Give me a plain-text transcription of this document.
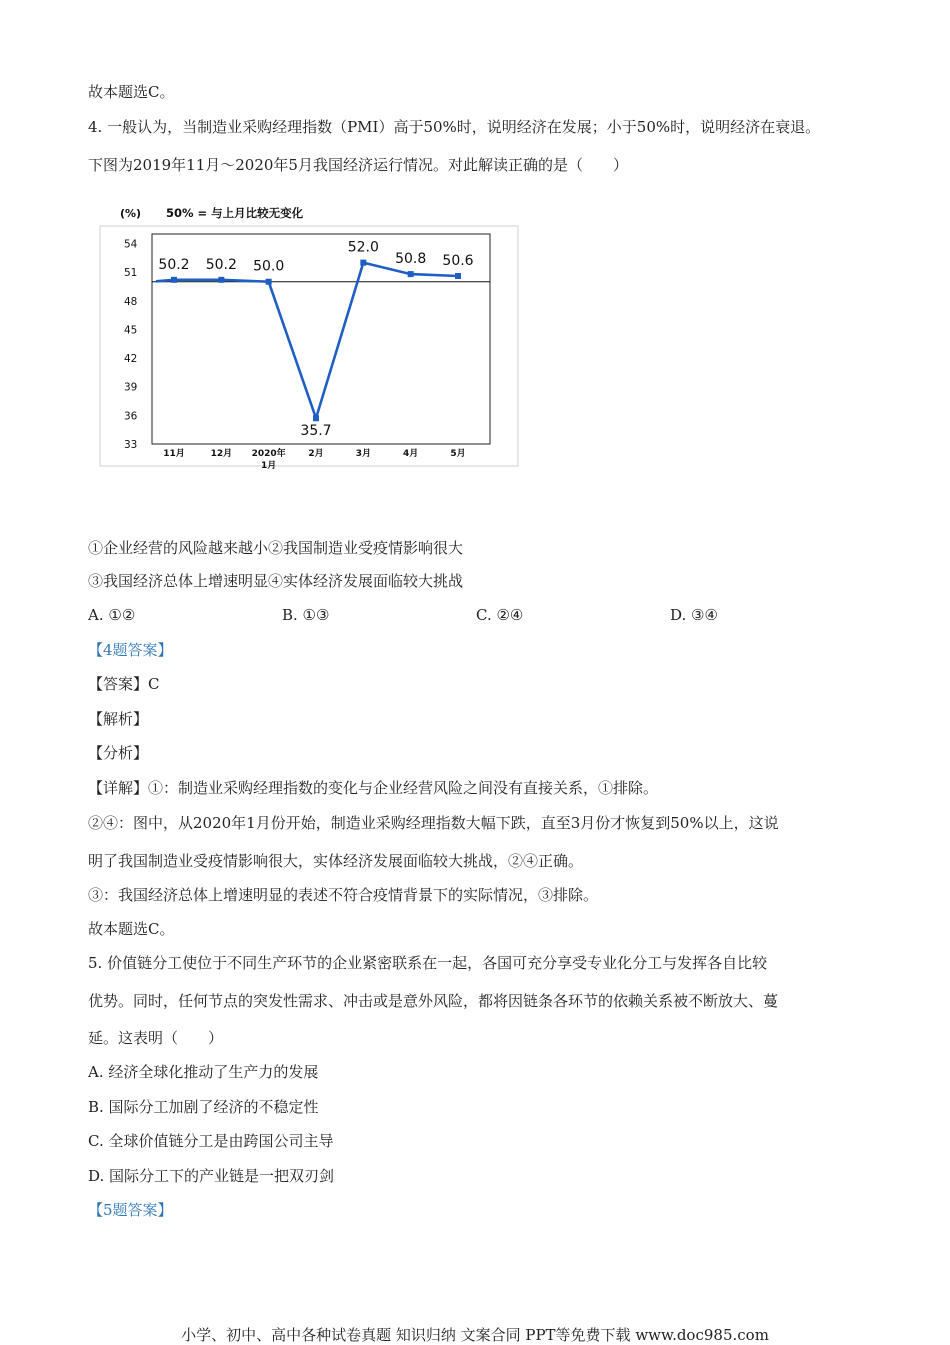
故本题选C。
4. 一般认为，当制造业采购经理指数（PMI）高于50%时，说明经济在发展；小于50%时，说明经济在衰退。
下图为2019年11月～2020年5月我国经济运行情况。对此解读正确的是（　　）
(%) 50% = 与上月比较无变化
54
51
48
45
42
39
36
33
11月	12月 2020年
1月
2月	3月	4月	5月
50.2 50.2 50.0
35.7
52.0
50.8 50.6
①企业经营的风险越来越小②我国制造业受疫情影响很大
③我国经济总体上增速明显④实体经济发展面临较大挑战
A. ①②	B. ①③	C. ②④	D. ③④
【4题答案】
【答案】C
【解析】
【分析】
【详解】①：制造业采购经理指数的变化与企业经营风险之间没有直接关系，①排除。
②④：图中，从2020年1月份开始，制造业采购经理指数大幅下跌，直至3月份才恢复到50%以上，这说
明了我国制造业受疫情影响很大，实体经济发展面临较大挑战，②④正确。
③：我国经济总体上增速明显的表述不符合疫情背景下的实际情况，③排除。
故本题选C。
5. 价值链分工使位于不同生产环节的企业紧密联系在一起，各国可充分享受专业化分工与发挥各自比较
优势。同时，任何节点的突发性需求、冲击或是意外风险，都将因链条各环节的依赖关系被不断放大、蔓
延。这表明（　　）
A. 经济全球化推动了生产力的发展
B. 国际分工加剧了经济的不稳定性
C. 全球价值链分工是由跨国公司主导
D. 国际分工下的产业链是一把双刃剑
【5题答案】
小学、初中、高中各种试卷真题 知识归纳 文案合同 PPT等免费下载 www.doc985.com
